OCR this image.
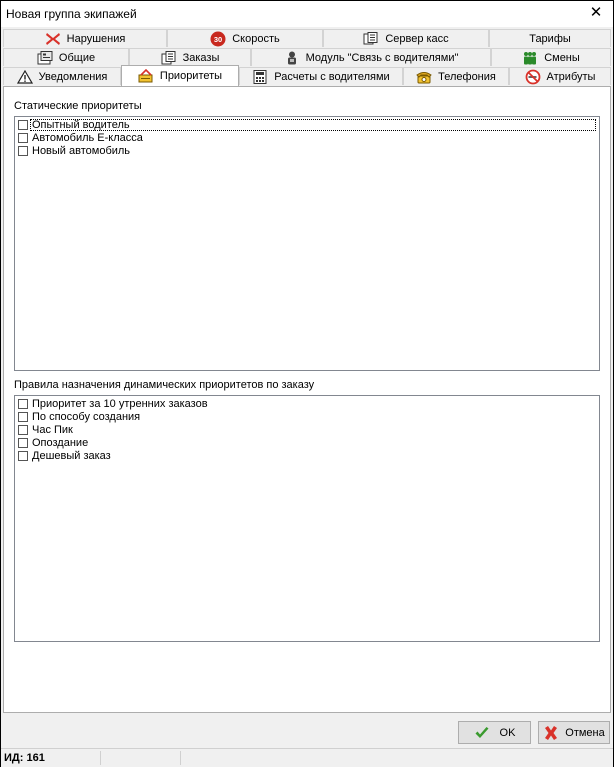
Новая группа экипажей	✕
Нарушения	30 Скорость	Сервер касс	Тарифы
Общие	Заказы	Модуль "Связь с водителями"	Смены
Уведомления	Приоритеты	Расчеты с водителями	Телефония	Атрибуты
Статические приоритеты
Опытный водитель
Автомобиль Е-класса
Новый автомобиль
Правила назначения динамических приоритетов по заказу
Приоритет за 10 утренних заказов
По способу создания
Час Пик
Опоздание
Дешевый заказ
OK	Отмена
ИД: 161
